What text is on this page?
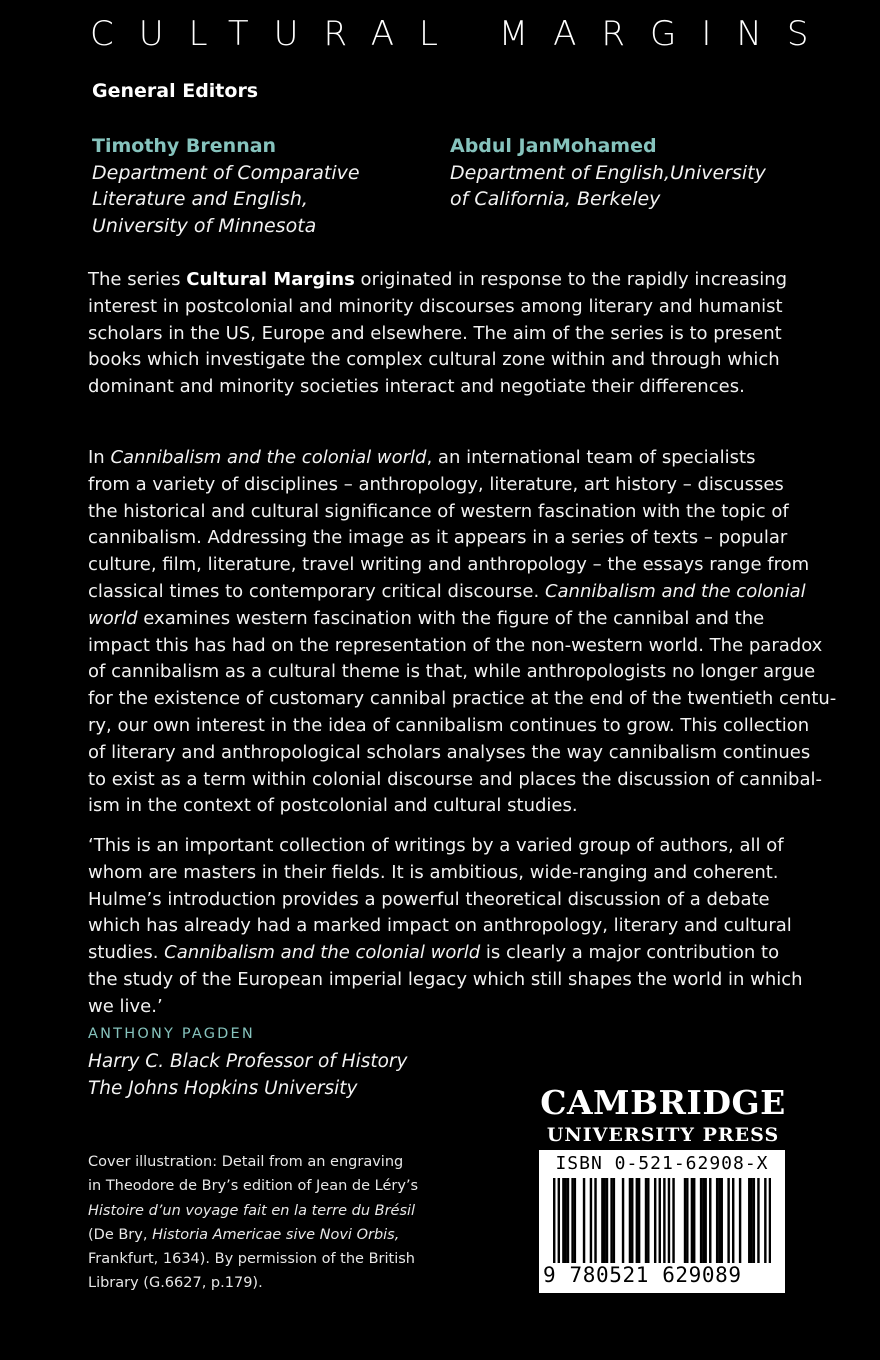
CULTURAL MARGINS
General Editors
Timothy Brennan
Department of Comparative
Literature and English,
University of Minnesota
Abdul JanMohamed
Department of English,University
of California, Berkeley
The series Cultural Margins originated in response to the rapidly increasing
interest in postcolonial and minority discourses among literary and humanist
scholars in the US, Europe and elsewhere. The aim of the series is to present
books which investigate the complex cultural zone within and through which
dominant and minority societies interact and negotiate their differences.
In Cannibalism and the colonial world, an international team of specialists
from a variety of disciplines – anthropology, literature, art history – discusses
the historical and cultural significance of western fascination with the topic of
cannibalism. Addressing the image as it appears in a series of texts – popular
culture, film, literature, travel writing and anthropology – the essays range from
classical times to contemporary critical discourse. Cannibalism and the colonial
world examines western fascination with the figure of the cannibal and the
impact this has had on the representation of the non-western world. The paradox
of cannibalism as a cultural theme is that, while anthropologists no longer argue
for the existence of customary cannibal practice at the end of the twentieth centu-
ry, our own interest in the idea of cannibalism continues to grow. This collection
of literary and anthropological scholars analyses the way cannibalism continues
to exist as a term within colonial discourse and places the discussion of cannibal-
ism in the context of postcolonial and cultural studies.
‘This is an important collection of writings by a varied group of authors, all of
whom are masters in their fields. It is ambitious, wide-ranging and coherent.
Hulme’s introduction provides a powerful theoretical discussion of a debate
which has already had a marked impact on anthropology, literary and cultural
studies. Cannibalism and the colonial world is clearly a major contribution to
the study of the European imperial legacy which still shapes the world in which
we live.’
ANTHONY PAGDEN
Harry C. Black Professor of History
The Johns Hopkins University
Cover illustration: Detail from an engraving
in Theodore de Bry’s edition of Jean de Léry’s
Histoire d’un voyage fait en la terre du Brésil
(De Bry, Historia Americae sive Novi Orbis,
Frankfurt, 1634). By permission of the British
Library (G.6627, p.179).
CAMBRIDGE
UNIVERSITY PRESS
ISBN 0-521-62908-X
9 780521 629089
